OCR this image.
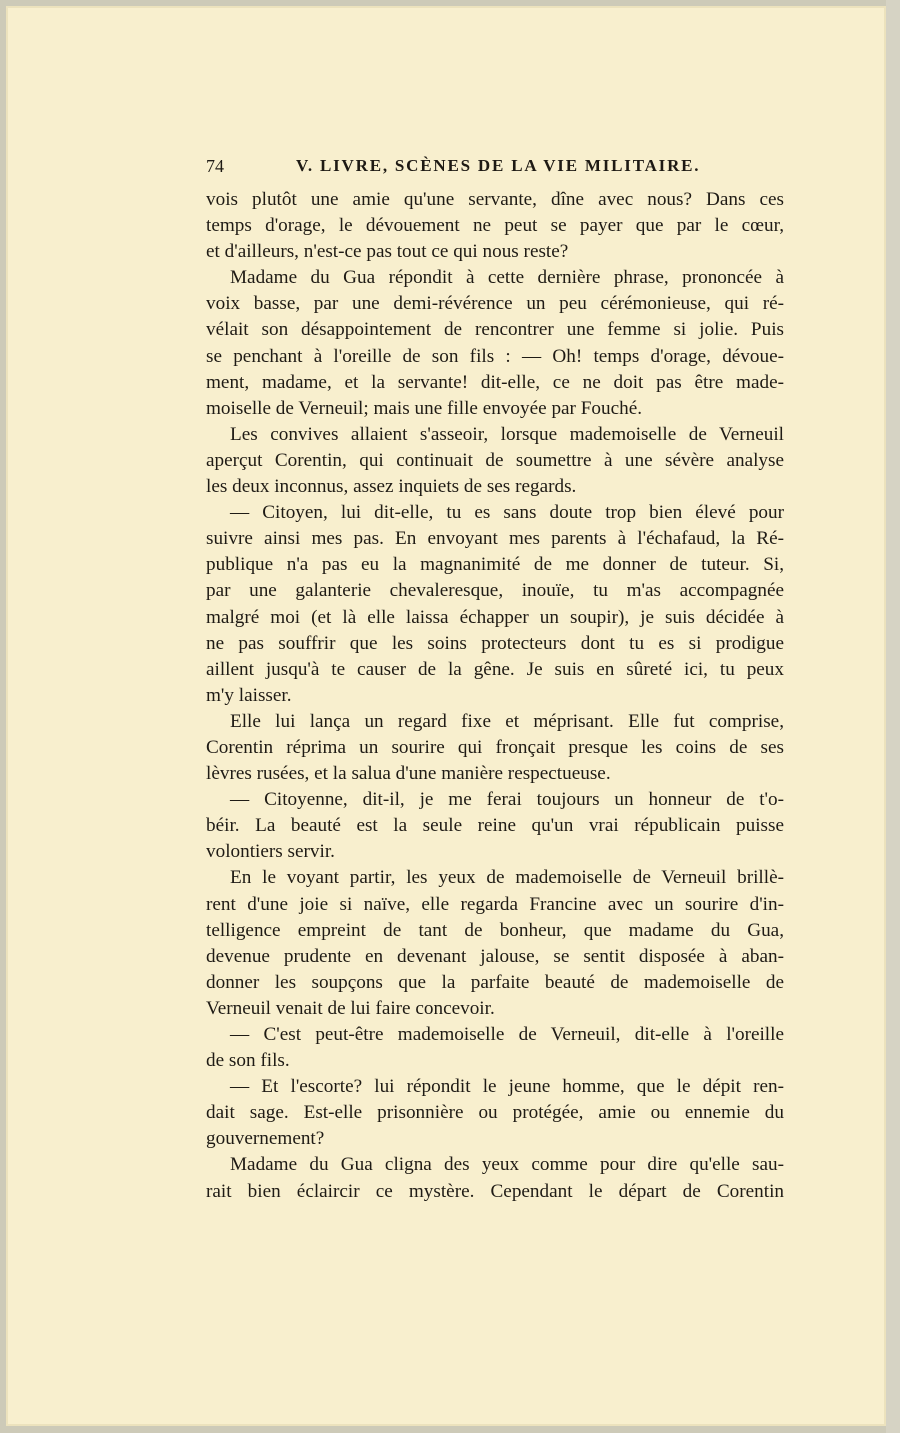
74	V. LIVRE, SCÈNES DE LA VIE MILITAIRE.
vois plutôt une amie qu'une servante, dîne avec nous? Dans ces
temps d'orage, le dévouement ne peut se payer que par le cœur,
et d'ailleurs, n'est-ce pas tout ce qui nous reste?
Madame du Gua répondit à cette dernière phrase, prononcée à
voix basse, par une demi-révérence un peu cérémonieuse, qui ré-
vélait son désappointement de rencontrer une femme si jolie. Puis
se penchant à l'oreille de son fils : — Oh! temps d'orage, dévoue-
ment, madame, et la servante! dit-elle, ce ne doit pas être made-
moiselle de Verneuil; mais une fille envoyée par Fouché.
Les convives allaient s'asseoir, lorsque mademoiselle de Verneuil
aperçut Corentin, qui continuait de soumettre à une sévère analyse
les deux inconnus, assez inquiets de ses regards.
— Citoyen, lui dit-elle, tu es sans doute trop bien élevé pour
suivre ainsi mes pas. En envoyant mes parents à l'échafaud, la Ré-
publique n'a pas eu la magnanimité de me donner de tuteur. Si,
par une galanterie chevaleresque, inouïe, tu m'as accompagnée
malgré moi (et là elle laissa échapper un soupir), je suis décidée à
ne pas souffrir que les soins protecteurs dont tu es si prodigue
aillent jusqu'à te causer de la gêne. Je suis en sûreté ici, tu peux
m'y laisser.
Elle lui lança un regard fixe et méprisant. Elle fut comprise,
Corentin réprima un sourire qui fronçait presque les coins de ses
lèvres rusées, et la salua d'une manière respectueuse.
— Citoyenne, dit-il, je me ferai toujours un honneur de t'o-
béir. La beauté est la seule reine qu'un vrai républicain puisse
volontiers servir.
En le voyant partir, les yeux de mademoiselle de Verneuil brillè-
rent d'une joie si naïve, elle regarda Francine avec un sourire d'in-
telligence empreint de tant de bonheur, que madame du Gua,
devenue prudente en devenant jalouse, se sentit disposée à aban-
donner les soupçons que la parfaite beauté de mademoiselle de
Verneuil venait de lui faire concevoir.
— C'est peut-être mademoiselle de Verneuil, dit-elle à l'oreille
de son fils.
— Et l'escorte? lui répondit le jeune homme, que le dépit ren-
dait sage. Est-elle prisonnière ou protégée, amie ou ennemie du
gouvernement?
Madame du Gua cligna des yeux comme pour dire qu'elle sau-
rait bien éclaircir ce mystère. Cependant le départ de Corentin
